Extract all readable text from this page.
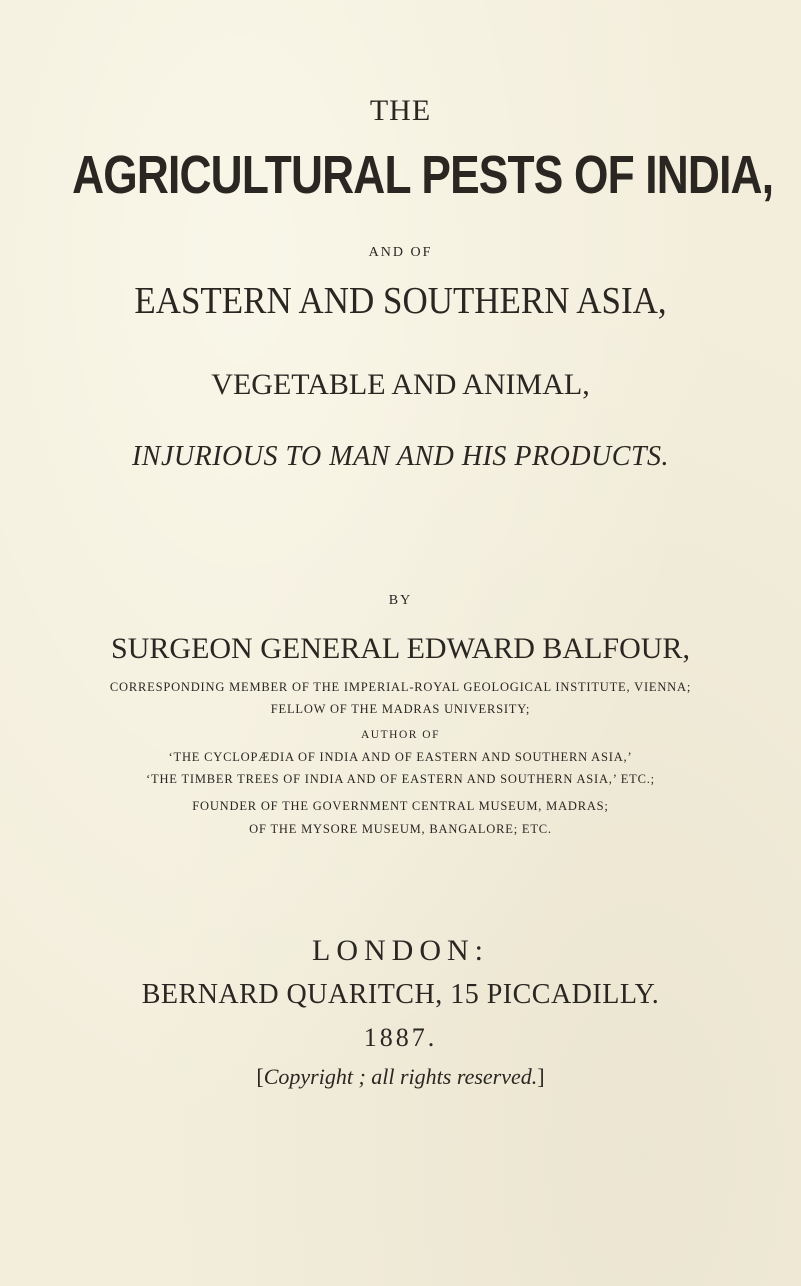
THE
AGRICULTURAL PESTS OF INDIA,
AND OF
EASTERN AND SOUTHERN ASIA,
VEGETABLE AND ANIMAL,
INJURIOUS TO MAN AND HIS PRODUCTS.
BY
SURGEON GENERAL EDWARD BALFOUR,
CORRESPONDING MEMBER OF THE IMPERIAL-ROYAL GEOLOGICAL INSTITUTE, VIENNA;
FELLOW OF THE MADRAS UNIVERSITY;
AUTHOR OF
‘THE CYCLOPÆDIA OF INDIA AND OF EASTERN AND SOUTHERN ASIA,’
‘THE TIMBER TREES OF INDIA AND OF EASTERN AND SOUTHERN ASIA,’ ETC.;
FOUNDER OF THE GOVERNMENT CENTRAL MUSEUM, MADRAS;
OF THE MYSORE MUSEUM, BANGALORE; ETC.
LONDON:
BERNARD QUARITCH, 15 PICCADILLY.
1887.
[Copyright ; all rights reserved.]
